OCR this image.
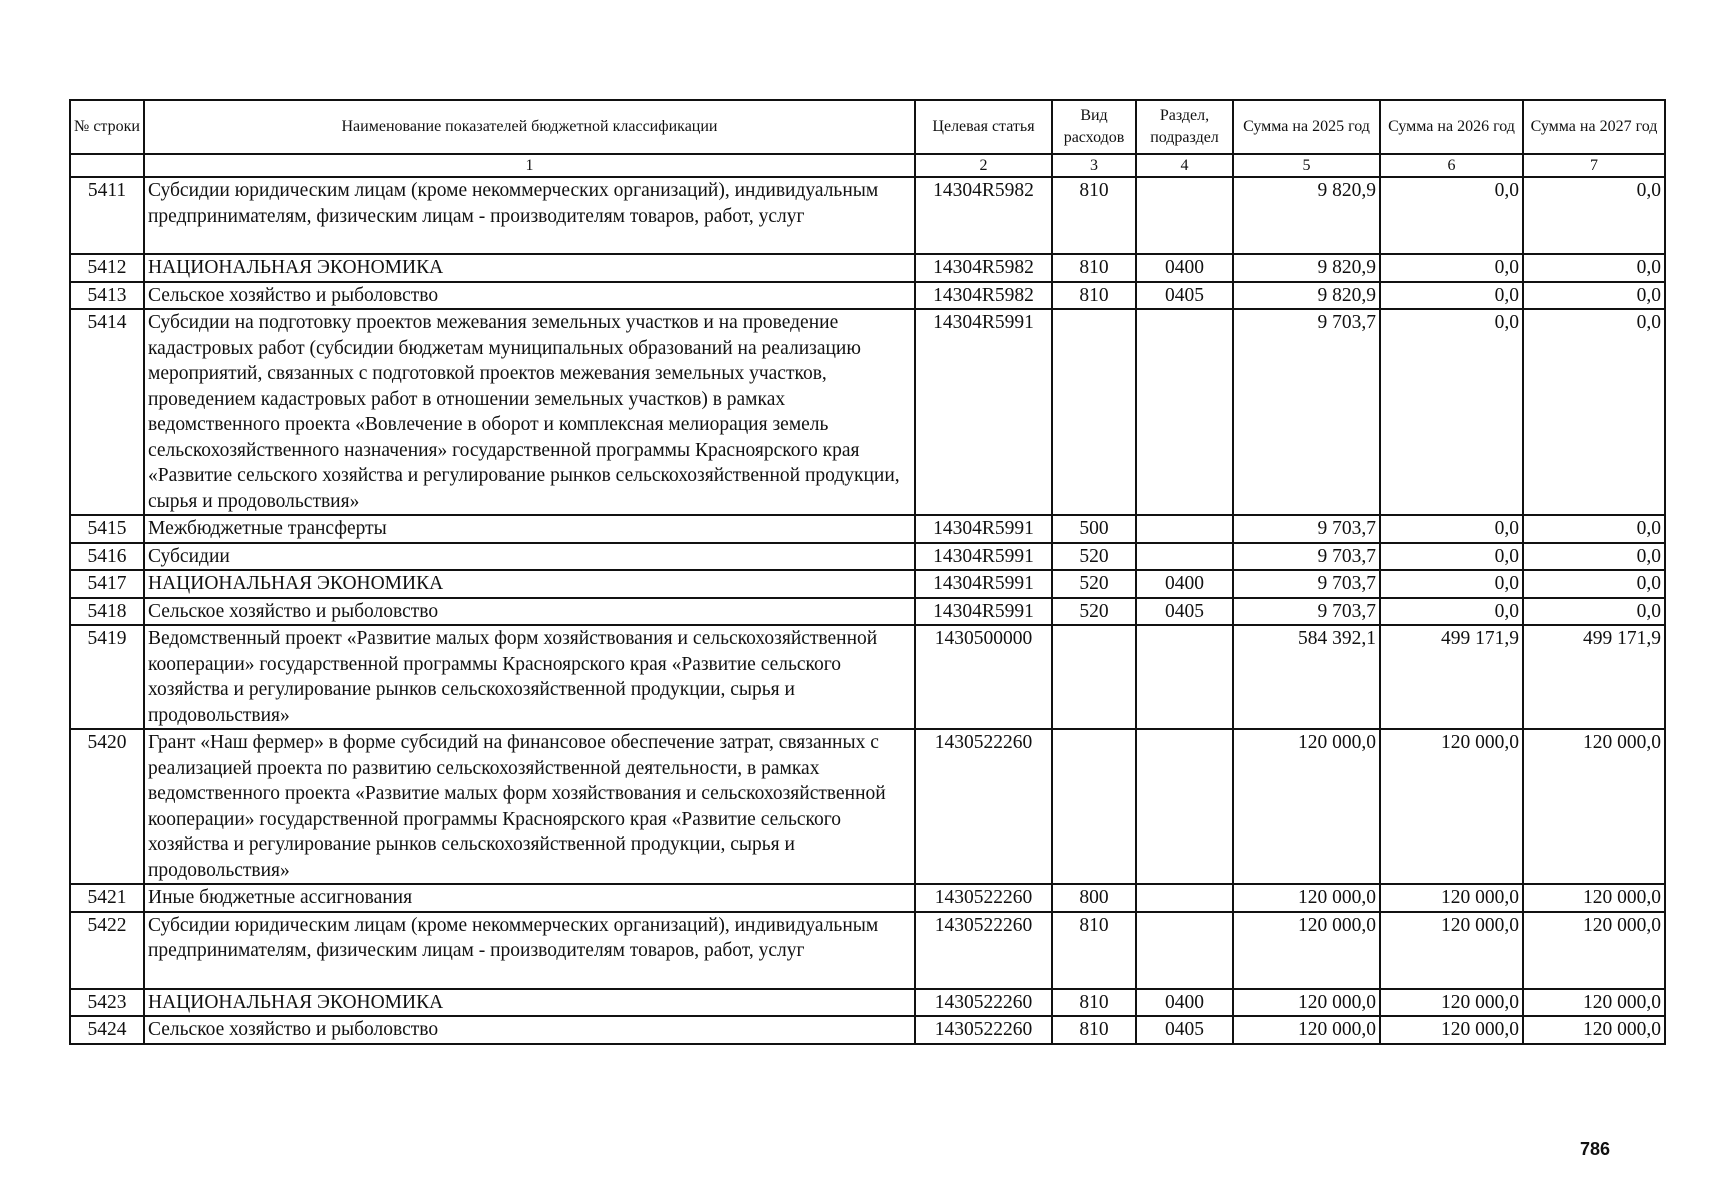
№ строки	Наименование показателей бюджетной классификации	Целевая статья	Вид расходов	Раздел, подраздел	Сумма на 2025 год	Сумма на 2026 год	Сумма на 2027 год
	1	2	3	4	5	6	7
5411	Субсидии юридическим лицам (кроме некоммерческих организаций), индивидуальным предпринимателям, физическим лицам - производителям товаров, работ, услуг	14304R5982	810		9 820,9	0,0	0,0
5412	НАЦИОНАЛЬНАЯ ЭКОНОМИКА	14304R5982	810	0400	9 820,9	0,0	0,0
5413	Сельское хозяйство и рыболовство	14304R5982	810	0405	9 820,9	0,0	0,0
5414	Субсидии на подготовку проектов межевания земельных участков и на проведение кадастровых работ (субсидии бюджетам муниципальных образований на реализацию мероприятий, связанных с подготовкой проектов межевания земельных участков, проведением кадастровых работ в отношении земельных участков) в рамках ведомственного проекта «Вовлечение в оборот и комплексная мелиорация земель сельскохозяйственного назначения» государственной программы Красноярского края «Развитие сельского хозяйства и регулирование рынков сельскохозяйственной продукции, сырья и продовольствия»	14304R5991			9 703,7	0,0	0,0
5415	Межбюджетные трансферты	14304R5991	500		9 703,7	0,0	0,0
5416	Субсидии	14304R5991	520		9 703,7	0,0	0,0
5417	НАЦИОНАЛЬНАЯ ЭКОНОМИКА	14304R5991	520	0400	9 703,7	0,0	0,0
5418	Сельское хозяйство и рыболовство	14304R5991	520	0405	9 703,7	0,0	0,0
5419	Ведомственный проект «Развитие малых форм хозяйствования и сельскохозяйственной кооперации» государственной программы Красноярского края «Развитие сельского хозяйства и регулирование рынков сельскохозяйственной продукции, сырья и продовольствия»	1430500000			584 392,1	499 171,9	499 171,9
5420	Грант «Наш фермер» в форме субсидий на финансовое обеспечение затрат, связанных с реализацией проекта по развитию сельскохозяйственной деятельности, в рамках ведомственного проекта «Развитие малых форм хозяйствования и сельскохозяйственной кооперации» государственной программы Красноярского края «Развитие сельского хозяйства и регулирование рынков сельскохозяйственной продукции, сырья и продовольствия»	1430522260			120 000,0	120 000,0	120 000,0
5421	Иные бюджетные ассигнования	1430522260	800		120 000,0	120 000,0	120 000,0
5422	Субсидии юридическим лицам (кроме некоммерческих организаций), индивидуальным предпринимателям, физическим лицам - производителям товаров, работ, услуг	1430522260	810		120 000,0	120 000,0	120 000,0
5423	НАЦИОНАЛЬНАЯ ЭКОНОМИКА	1430522260	810	0400	120 000,0	120 000,0	120 000,0
5424	Сельское хозяйство и рыболовство	1430522260	810	0405	120 000,0	120 000,0	120 000,0
786
